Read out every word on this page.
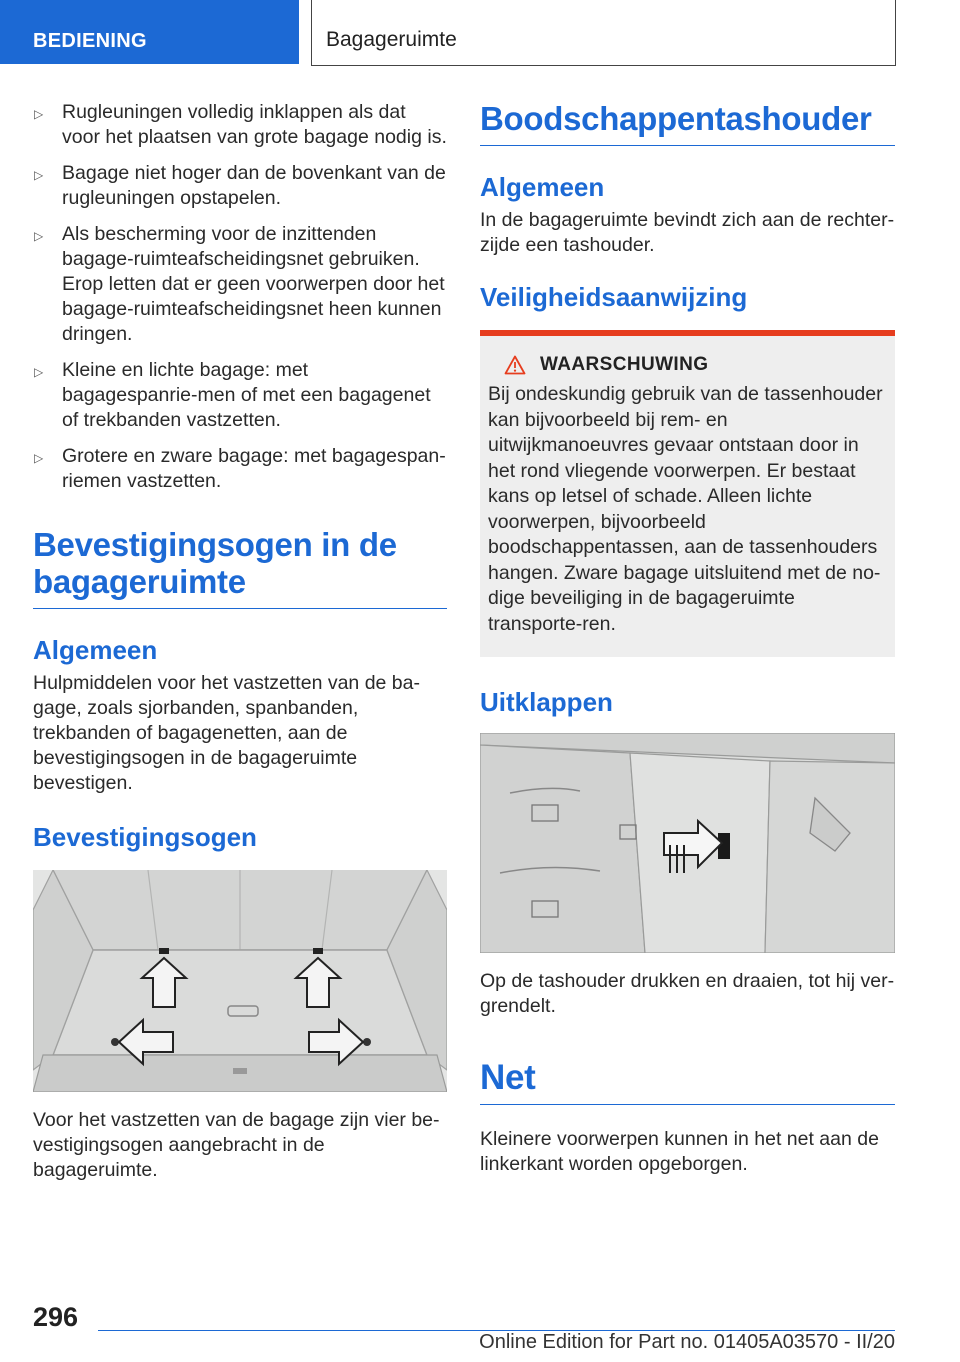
BEDIENING	Bagageruimte
▷ Rugleuningen volledig inklappen als dat voor het plaatsen van grote bagage nodig is.
▷ Bagage niet hoger dan de bovenkant van de rugleuningen opstapelen.
▷ Als bescherming voor de inzittenden bagage-ruimteafscheidingsnet gebruiken. Erop letten dat er geen voorwerpen door het bagage-ruimteafscheidingsnet heen kunnen dringen.
▷ Kleine en lichte bagage: met bagagespanrie-men of met een bagagenet of trekbanden vastzetten.
▷ Grotere en zware bagage: met bagagespan-riemen vastzetten.
Bevestigingsogen in de bagageruimte
Algemeen

Hulpmiddelen voor het vastzetten van de ba-gage, zoals sjorbanden, spanbanden, trekbanden of bagagenetten, aan de bevestigingsogen in de bagageruimte bevestigen.

Bevestigingsogen

Voor het vastzetten van de bagage zijn vier be-vestigingsogen aangebracht in de bagageruimte.

Boodschappentashouder
Algemeen

In de bagageruimte bevindt zich aan de rechter-zijde een tashouder.

Veiligheidsaanwijzing
WAARSCHUWING
Bij ondeskundig gebruik van de tassenhouder kan bijvoorbeeld bij rem- en uitwijkmanoeuvres gevaar ontstaan door in het rond vliegende voorwerpen. Er bestaat kans op letsel of schade. Alleen lichte voorwerpen, bijvoorbeeld boodschappentassen, aan de tassenhouders hangen. Zware bagage uitsluitend met de no-dige beveiliging in de bagageruimte transporte-ren.
Uitklappen

Op de tashouder drukken en draaien, tot hij ver-grendelt.

Net

Kleinere voorwerpen kunnen in het net aan de linkerkant worden opgeborgen.

296
Online Edition for Part no. 01405A03570 - II/20
